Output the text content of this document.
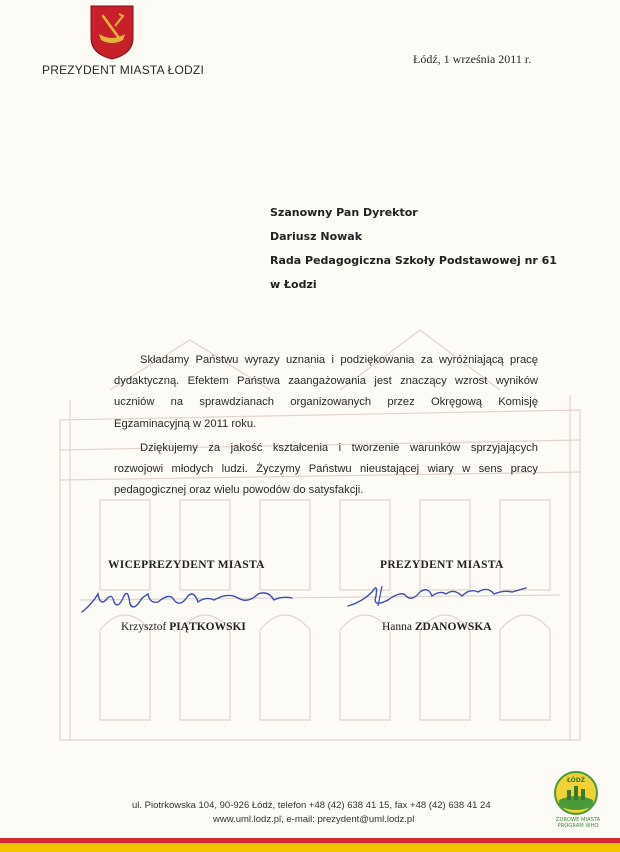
PREZYDENT MIASTA ŁODZI
Łódź, 1 września 2011 r.
Szanowny Pan Dyrektor
Dariusz Nowak
Rada Pedagogiczna Szkoły Podstawowej nr 61
w Łodzi

Składamy Państwu wyrazy uznania i podziękowania za wyróżniającą pracę dydaktyczną. Efektem Państwa zaangażowania jest znaczący wzrost wyników uczniów na sprawdzianach organizowanych przez Okręgową Komisję Egzaminacyjną w 2011 roku.

Dziękujemy za jakość kształcenia i tworzenie warunków sprzyjających rozwojowi młodych ludzi. Życzymy Państwu nieustającej wiary w sens pracy pedagogicznej oraz wielu powodów do satysfakcji.

WICEPREZYDENT MIASTA
Krzysztof PIĄTKOWSKI
PREZYDENT MIASTA
Hanna ZDANOWSKA
ŁÓDŹ
ZDROWE MIASTA
PROGRAM WHO
ul. Piotrkowska 104, 90-926 Łódź, telefon +48 (42) 638 41 15, fax +48 (42) 638 41 24
www.uml.lodz.pl, e-mail: prezydent@uml.lodz.pl
